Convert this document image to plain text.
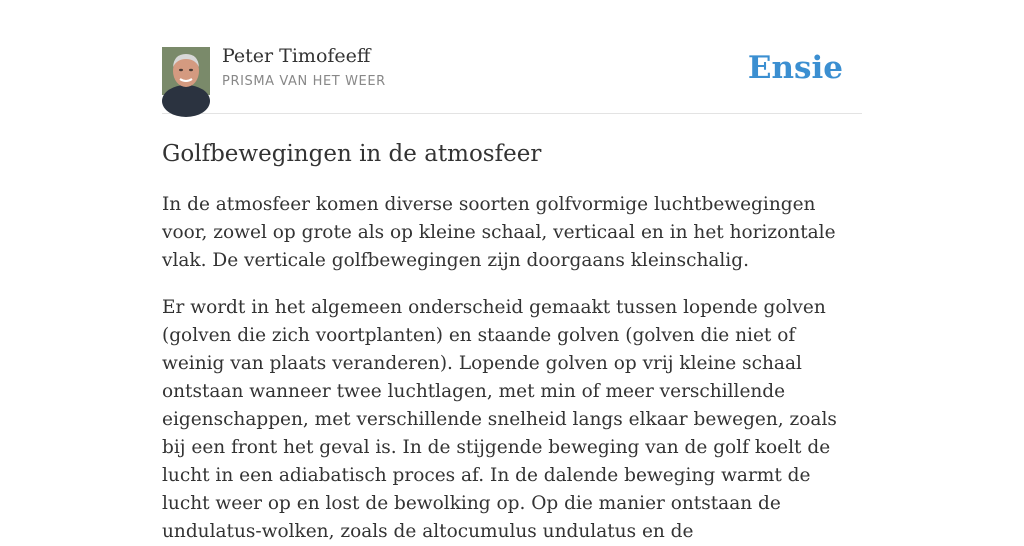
Peter Timofeeff
PRISMA VAN HET WEER	Ensie
Golfbewegingen in de atmosfeer

In de atmosfeer komen diverse soorten golfvormige luchtbewegingen voor, zowel op grote als op kleine schaal, verticaal en in het horizontale vlak. De verticale golfbewegingen zijn doorgaans kleinschalig.

Er wordt in het algemeen onderscheid gemaakt tussen lopende golven (golven die zich voortplanten) en staande golven (golven die niet of weinig van plaats veranderen). Lopende golven op vrij kleine schaal ontstaan wanneer twee luchtlagen, met min of meer verschillende eigenschappen, met verschillende snelheid langs elkaar bewegen, zoals bij een front het geval is. In de stijgende beweging van de golf koelt de lucht in een adiabatisch proces af. In de dalende beweging warmt de lucht weer op en lost de bewolking op. Op die manier ontstaan de undulatus-wolken, zoals de altocumulus undulatus en de
